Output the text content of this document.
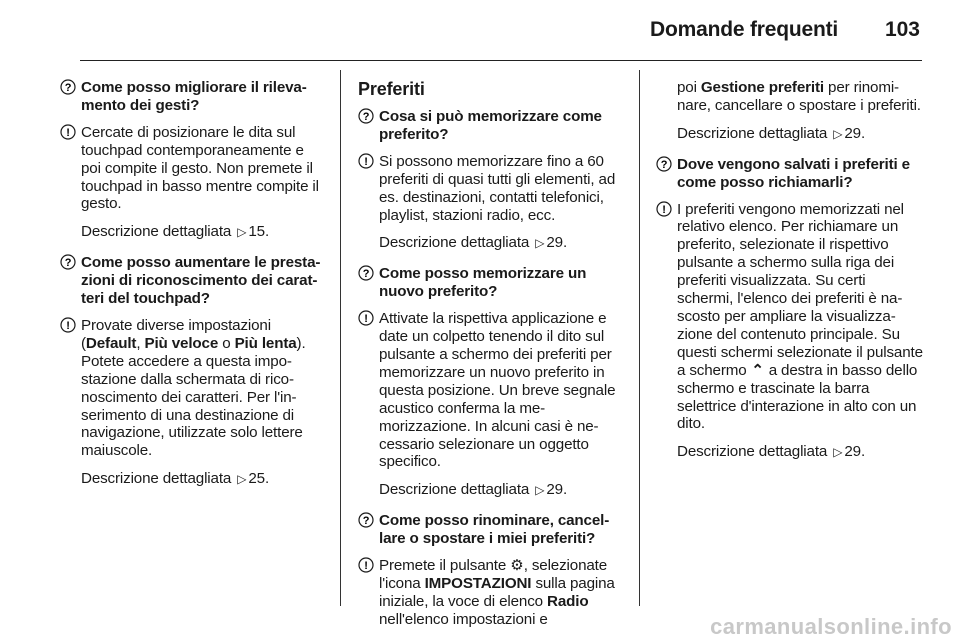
Domande frequenti 103
? Come posso migliorare il rilevamento dei gesti?
! Cercate di posizionare le dita sul touchpad contemporaneamente e poi compite il gesto. Non premete il touchpad in basso mentre compite il gesto.
Descrizione dettagliata ▷ 15.
? Come posso aumentare le prestazioni di riconoscimento dei caratteri del touchpad?
! Provate diverse impostazioni (Default, Più veloce o Più lenta). Potete accedere a questa impostazione dalla schermata di riconoscimento dei caratteri. Per l'inserimento di una destinazione di navigazione, utilizzate solo lettere maiuscole.
Descrizione dettagliata ▷ 25.
Preferiti
? Cosa si può memorizzare come preferito?
! Si possono memorizzare fino a 60 preferiti di quasi tutti gli elementi, ad es. destinazioni, contatti telefonici, playlist, stazioni radio, ecc.
Descrizione dettagliata ▷ 29.
? Come posso memorizzare un nuovo preferito?
! Attivate la rispettiva applicazione e date un colpetto tenendo il dito sul pulsante a schermo dei preferiti per memorizzare un nuovo preferito in questa posizione. Un breve segnale acustico conferma la memorizzazione. In alcuni casi è necessario selezionare un oggetto specifico.
Descrizione dettagliata ▷ 29.
? Come posso rinominare, cancellare o spostare i miei preferiti?
! Premete il pulsante ⚙, selezionate l'icona IMPOSTAZIONI sulla pagina iniziale, la voce di elenco Radio nell'elenco impostazioni e
poi Gestione preferiti per rinominare, cancellare o spostare i preferiti.
Descrizione dettagliata ▷ 29.
? Dove vengono salvati i preferiti e come posso richiamarli?
! I preferiti vengono memorizzati nel relativo elenco. Per richiamare un preferito, selezionate il rispettivo pulsante a schermo sulla riga dei preferiti visualizzata. Su certi schermi, l'elenco dei preferiti è nascosto per ampliare la visualizzazione del contenuto principale. Su questi schermi selezionate il pulsante a schermo ⌃ a destra in basso dello schermo e trascinate la barra selettrice d'interazione in alto con un dito.
Descrizione dettagliata ▷ 29.
carmanualsonline.info
